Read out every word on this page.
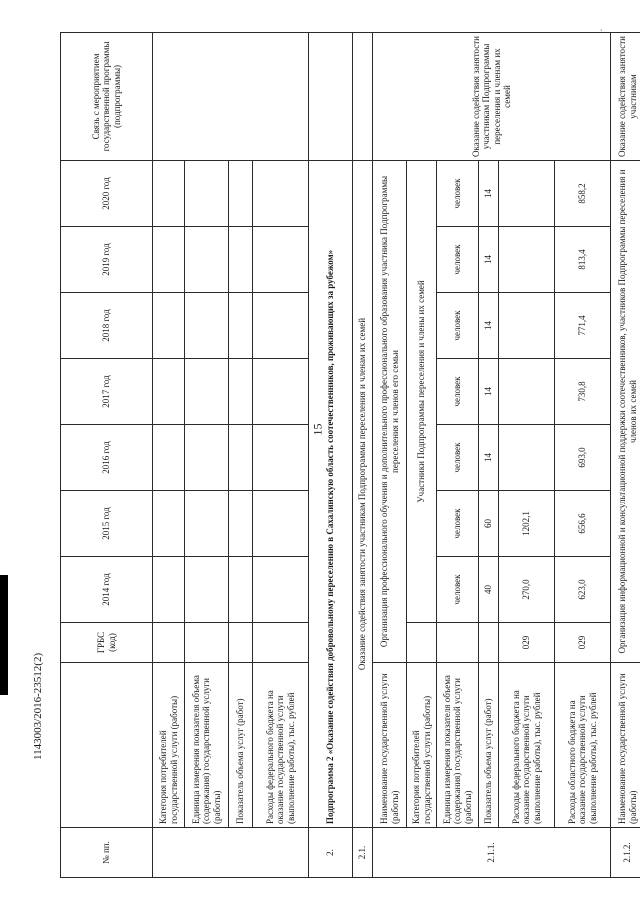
·
15
1143003/2016-23512(2)
№ пп.		ГРБС (код)	2014 год	2015 год	2016 год	2017 год	2018 год	2019 год	2020 год	Связь с мероприятием государственной программы (подпрограммы)
	Категория потребителей государственной услуги (работы)									
	Единица измерения показателя объема (содержания) государственной услуги (работы)									
	Показатель объема услуг (работ)									
	Расходы федерального бюджета на оказание государственной услуги (выполнение работы), тыс. рублей									
2.	Подпрограмма 2 «Оказание содействия добровольному переселению в Сахалинскую область соотечественников, проживающих за рубежом»									
2.1.	Оказание содействия занятости участникам Подпрограммы переселения и членам их семей									
2.1.1.	Наименование государственной услуги (работы)	Организация профессионального обучения и дополнительного профессионального образования участника Подпрограммы переселения и членов его семьи								Оказание содействия занятости участникам Подпрограммы переселения и членам их семей
	Категория потребителей государственной услуги (работы)		Участники Подпрограммы переселения и члены их семей							
	Единица измерения показателя объема (содержания) государственной услуги (работы)		человек	человек	человек	человек	человек	человек	человек	
	Показатель объема услуг (работ)		40	60	14	14	14	14	14	
	Расходы федерального бюджета на оказание государственной услуги (выполнение работы), тыс. рублей	029	270,0	1202,1						
	Расходы областного бюджета на оказание государственной услуги (выполнение работы), тыс. рублей	029	623,0	656,6	693,0	730,8	771,4	813,4	858,2	
2.1.2.	Наименование государственной услуги (работы)	Организация информационной и консультационной поддержки соотечественников, участников Подпрограммы переселения и членов их семей								Оказание содействия занятости участникам
